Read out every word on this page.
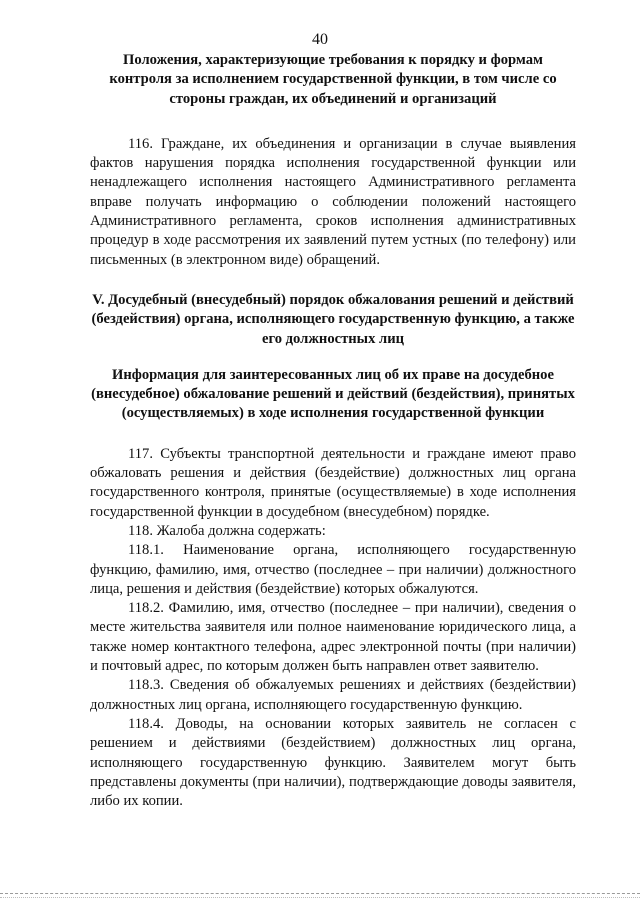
40

Положения, характеризующие требования к порядку и формам контроля за исполнением государственной функции, в том числе со стороны граждан, их объединений и организаций

116. Граждане, их объединения и организации в случае выявления фактов нарушения порядка исполнения государственной функции или ненадлежащего исполнения настоящего Административного регламента вправе получать информацию о соблюдении положений настоящего Административного регламента, сроков исполнения административных процедур в ходе рассмотрения их заявлений путем устных (по телефону) или письменных (в электронном виде) обращений.

V. Досудебный (внесудебный) порядок обжалования решений и действий (бездействия) органа, исполняющего государственную функцию, а также его должностных лиц

Информация для заинтересованных лиц об их праве на досудебное (внесудебное) обжалование решений и действий (бездействия), принятых (осуществляемых) в ходе исполнения государственной функции

117. Субъекты транспортной деятельности и граждане имеют право обжаловать решения и действия (бездействие) должностных лиц органа государственного контроля, принятые (осуществляемые) в ходе исполнения государственной функции в досудебном (внесудебном) порядке.

118. Жалоба должна содержать:

118.1. Наименование органа, исполняющего государственную функцию, фамилию, имя, отчество (последнее – при наличии) должностного лица, решения и действия (бездействие) которых обжалуются.

118.2. Фамилию, имя, отчество (последнее – при наличии), сведения о месте жительства заявителя или полное наименование юридического лица, а также номер контактного телефона, адрес электронной почты (при наличии) и почтовый адрес, по которым должен быть направлен ответ заявителю.

118.3. Сведения об обжалуемых решениях и действиях (бездействии) должностных лиц органа, исполняющего государственную функцию.

118.4. Доводы, на основании которых заявитель не согласен с решением и действиями (бездействием) должностных лиц органа, исполняющего государственную функцию. Заявителем могут быть представлены документы (при наличии), подтверждающие доводы заявителя, либо их копии.
